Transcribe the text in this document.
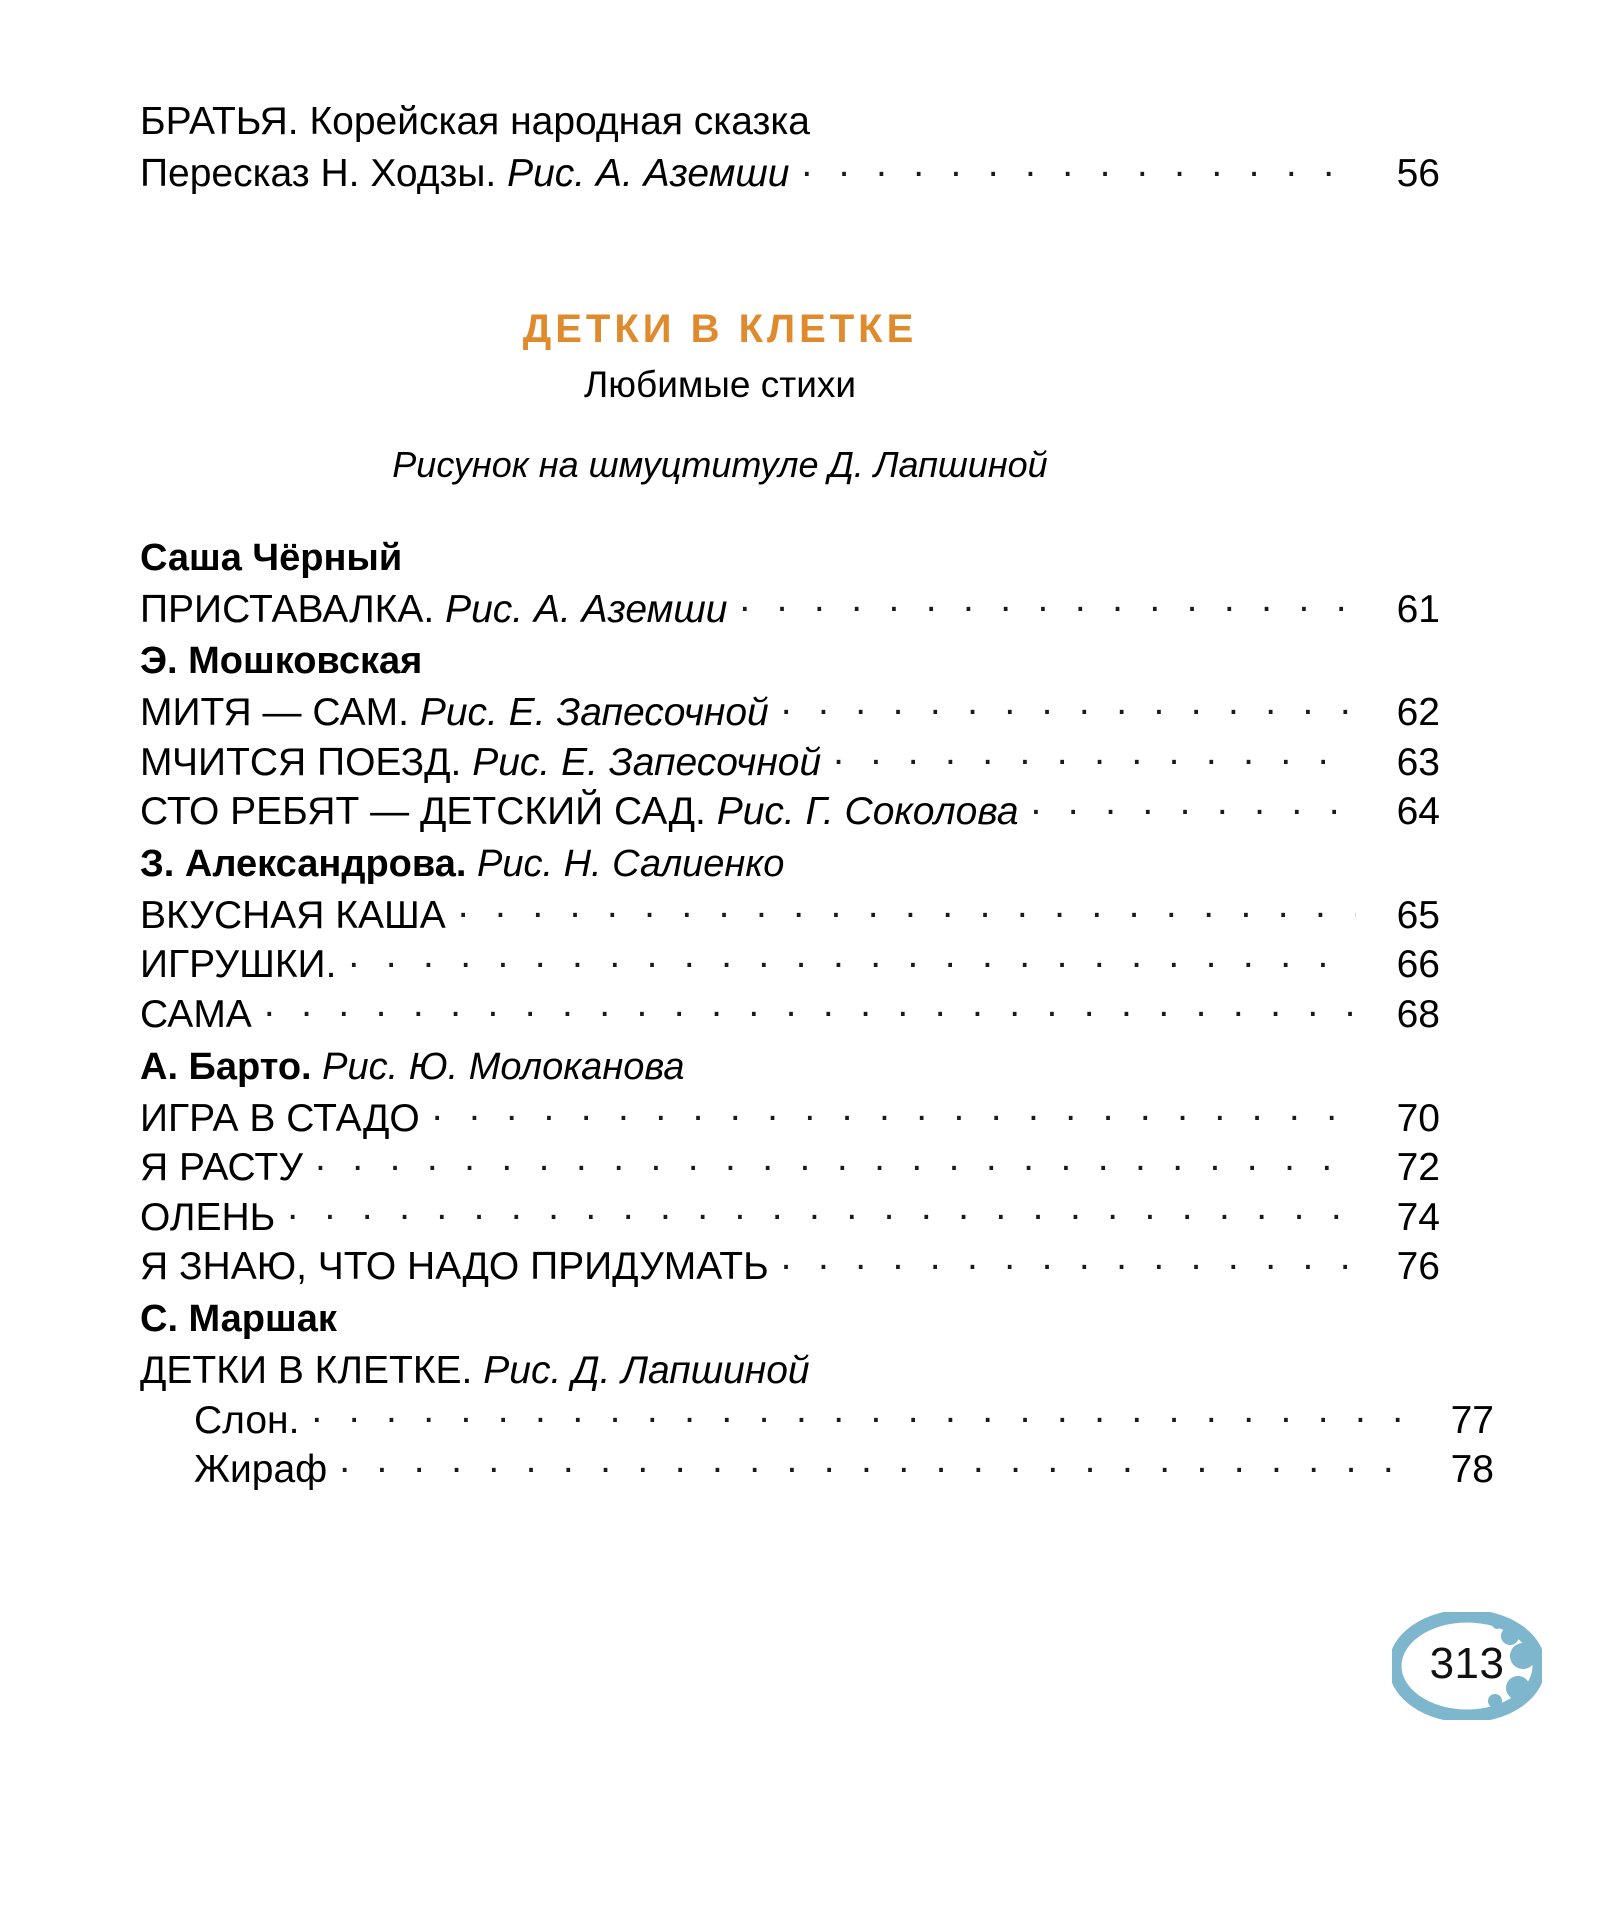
БРАТЬЯ. Корейская народная сказка
Пересказ Н. Ходзы. Рис. А. Аземши . . .	56
ДЕТКИ В КЛЕТКЕ
Любимые стихи
Рисунок на шмуцтитуле Д. Лапшиной
Саша Чёрный
ПРИСТАВАЛКА. Рис. А. Аземши . . .	61
Э. Мошковская
МИТЯ — САМ. Рис. Е. Запесочной . . .	62
МЧИТСЯ ПОЕЗД. Рис. Е. Запесочной . . .	63
СТО РЕБЯТ — ДЕТСКИЙ САД. Рис. Г. Соколова . . .	64
З. Александрова. Рис. Н. Салиенко
ВКУСНАЯ КАША . . .	65
ИГРУШКИ. . . .	66
САМА . . .	68
А. Барто. Рис. Ю. Молоканова
ИГРА В СТАДО . . .	70
Я РАСТУ . . .	72
ОЛЕНЬ . . .	74
Я ЗНАЮ, ЧТО НАДО ПРИДУМАТЬ . . .	76
С. Маршак
ДЕТКИ В КЛЕТКЕ. Рис. Д. Лапшиной
Слон. . . .	77
Жираф . . .	78
313
